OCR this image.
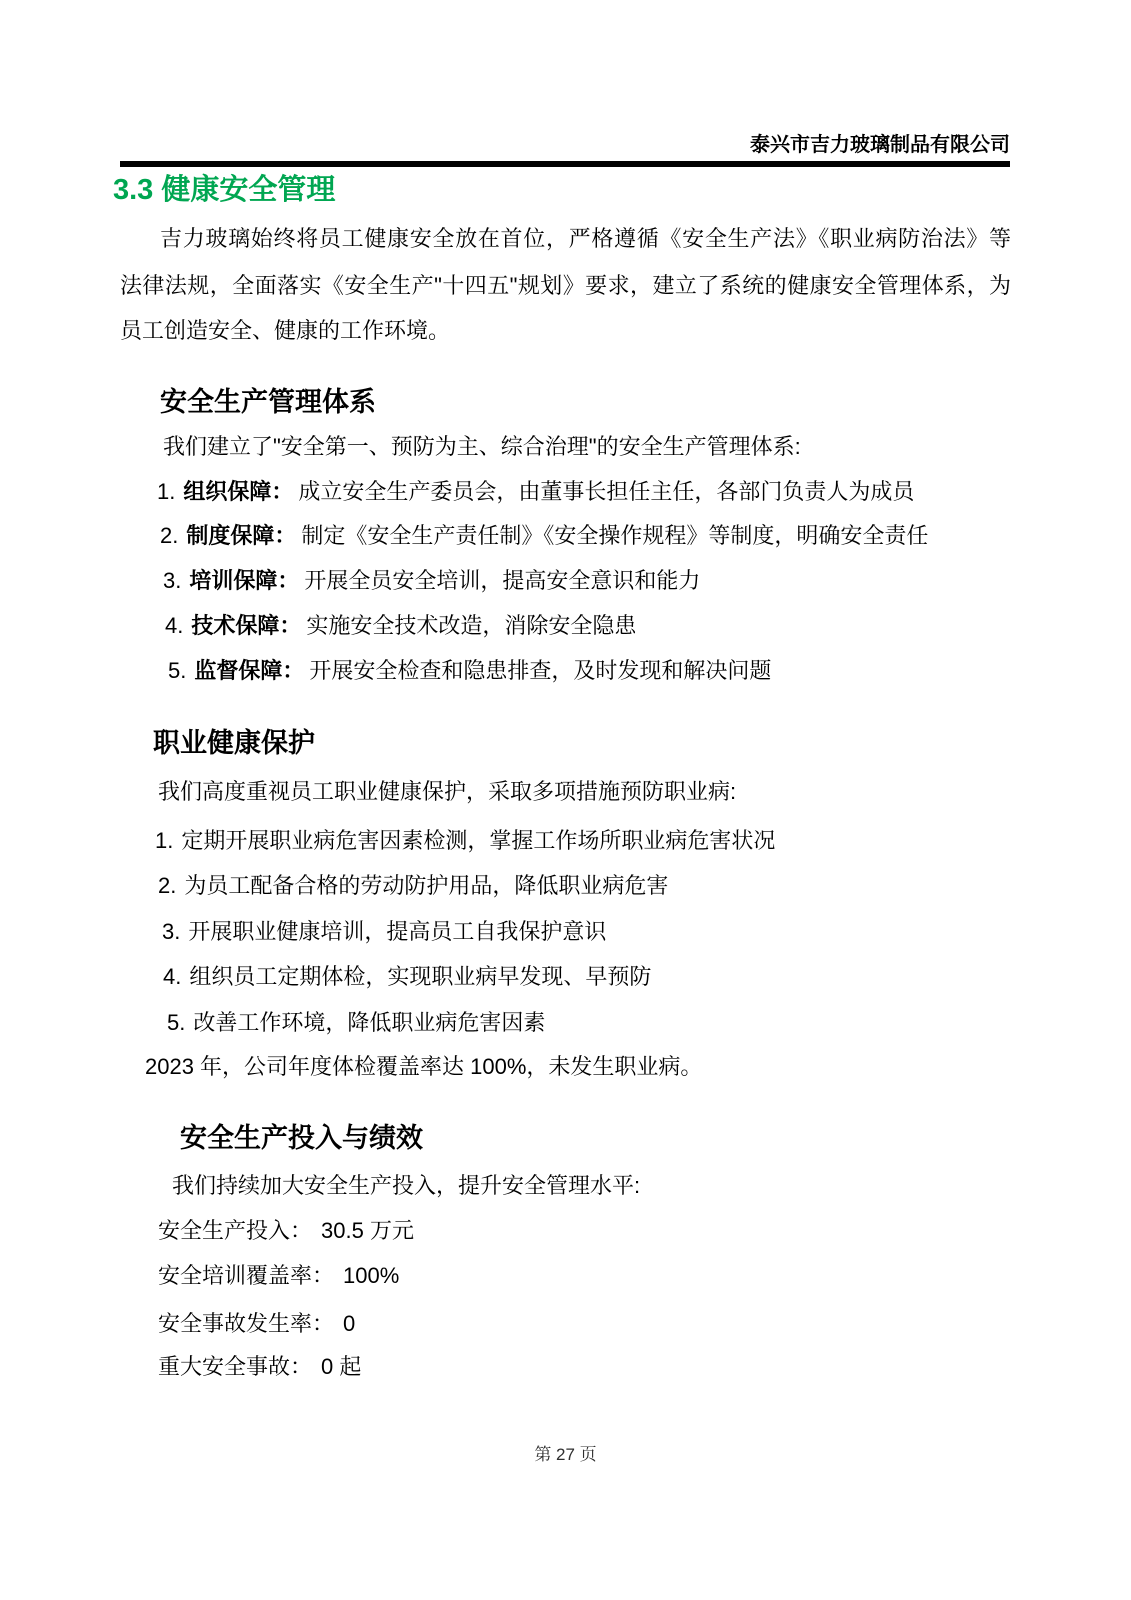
泰兴市吉力玻璃制品有限公司
3.3 健康安全管理
吉力玻璃始终将员工健康安全放在首位，严格遵循《安全生产法》《职业病防治法》等
法律法规，全面落实《安全生产"十四五"规划》要求，建立了系统的健康安全管理体系，为
员工创造安全、健康的工作环境。
安全生产管理体系
我们建立了"安全第一、预防为主、综合治理"的安全生产管理体系:
1. 组织保障： 成立安全生产委员会，由董事长担任主任，各部门负责人为成员
2. 制度保障： 制定《安全生产责任制》《安全操作规程》等制度，明确安全责任
3. 培训保障： 开展全员安全培训，提高安全意识和能力
4. 技术保障： 实施安全技术改造，消除安全隐患
5. 监督保障： 开展安全检查和隐患排查，及时发现和解决问题
职业健康保护
我们高度重视员工职业健康保护，采取多项措施预防职业病:
1. 定期开展职业病危害因素检测，掌握工作场所职业病危害状况
2. 为员工配备合格的劳动防护用品，降低职业病危害
3. 开展职业健康培训，提高员工自我保护意识
4. 组织员工定期体检，实现职业病早发现、早预防
5. 改善工作环境，降低职业病危害因素
2023 年，公司年度体检覆盖率达 100%，未发生职业病。
安全生产投入与绩效
我们持续加大安全生产投入，提升安全管理水平:
安全生产投入： 30.5 万元
安全培训覆盖率： 100%
安全事故发生率： 0
重大安全事故： 0 起
第 27 页
